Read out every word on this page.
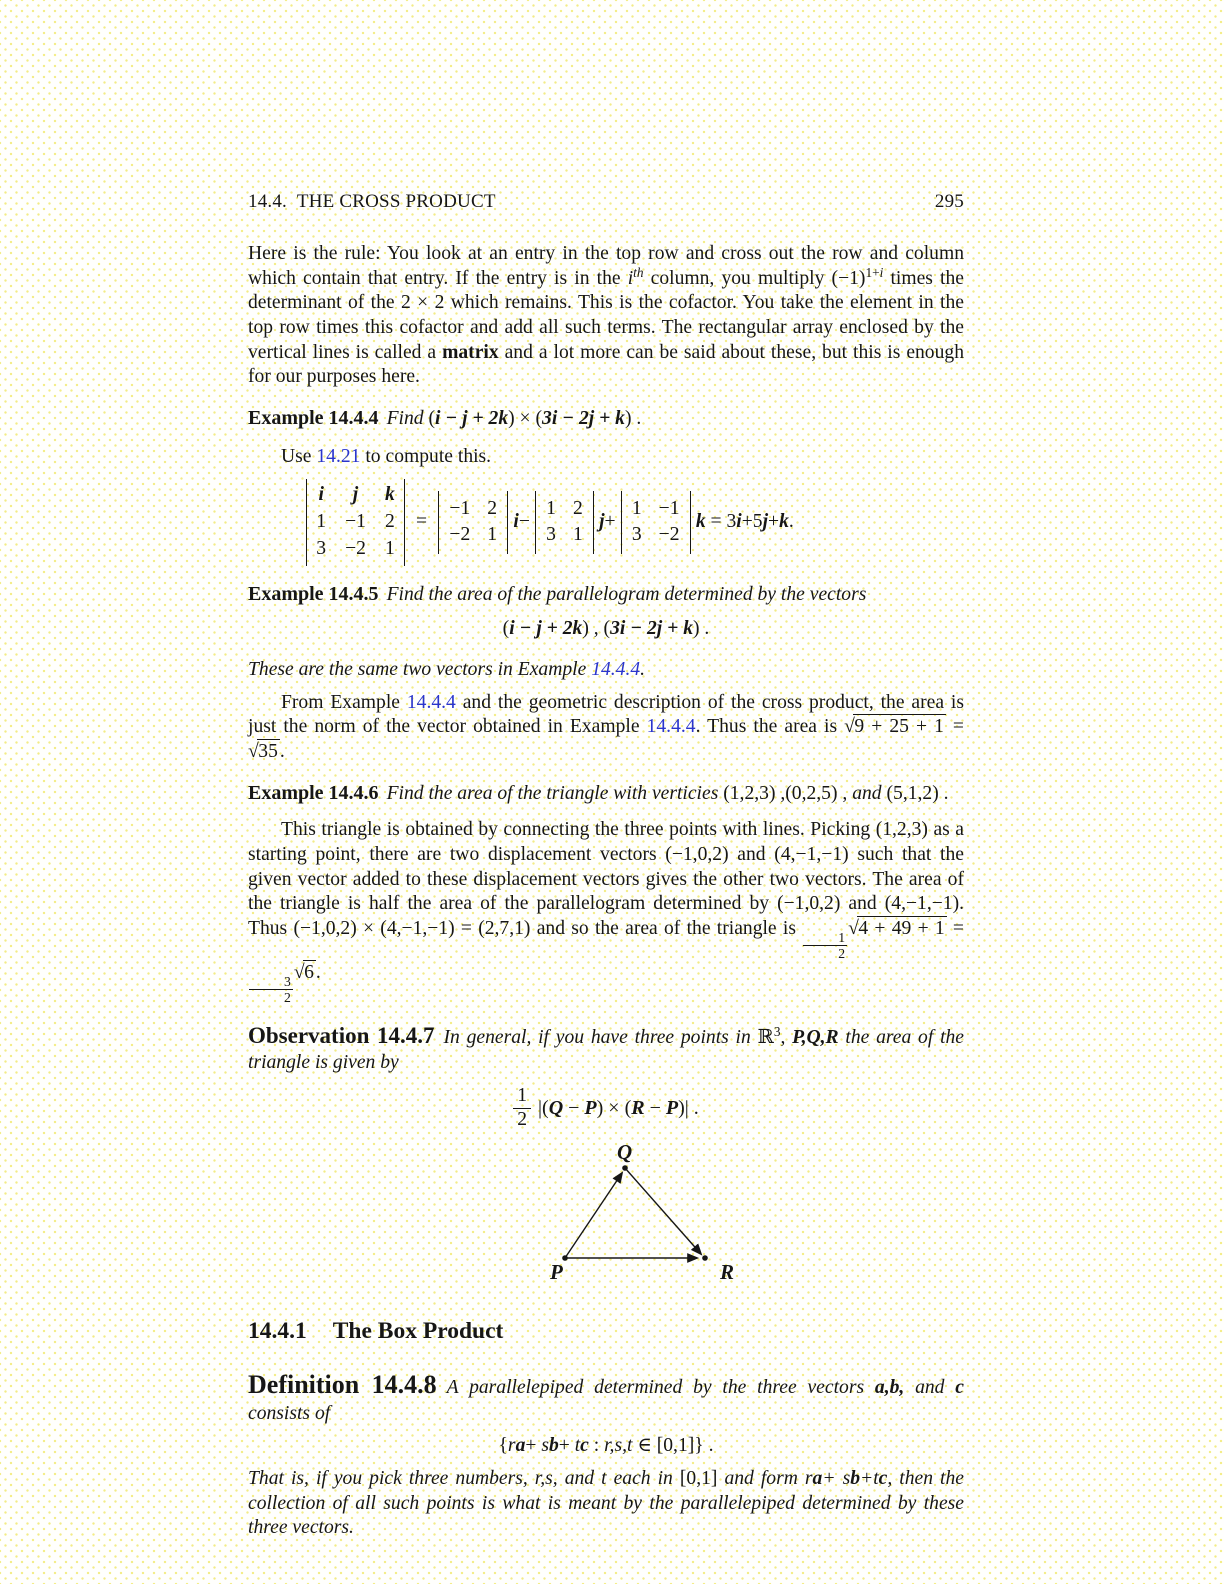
14.4. THE CROSS PRODUCT	295

Here is the rule: You look at an entry in the top row and cross out the row and column which contain that entry. If the entry is in the $i^{th}$ column, you multiply $(-1)^{1+i}$ times the determinant of the 2 × 2 which remains. This is the cofactor. You take the element in the top row times this cofactor and add all such terms. The rectangular array enclosed by the vertical lines is called a matrix and a lot more can be said about these, but this is enough for our purposes here.

Example 14.4.4 Find (i − j + 2k) × (3i − 2j + k) .

Use 14.21 to compute this.

i	j	k
1 −1 2
3 −2 1
=
−1 2
−2 1
i−
1 2
3 1
j+
1 −1
3 −2
k = 3i+5j+k.

Example 14.4.5 Find the area of the parallelogram determined by the vectors

(i − j + 2k) , (3i − 2j + k) .

These are the same two vectors in Example 14.4.4.

From Example 14.4.4 and the geometric description of the cross product, the area is just the norm of the vector obtained in Example 14.4.4. Thus the area is √9 + 25 + 1 = √35 .

Example 14.4.6 Find the area of the triangle with verticies (1,2,3) ,(0,2,5) , and (5,1,2) .

This triangle is obtained by connecting the three points with lines. Picking (1,2,3) as a starting point, there are two displacement vectors (−1,0,2) and (4,−1,−1) such that the given vector added to these displacement vectors gives the other two vectors. The area of the triangle is half the area of the parallelogram determined by (−1,0,2) and (4,−1,−1). Thus (−1,0,2) × (4,−1,−1) = (2,7,1) and so the area of the triangle is
$\frac{1}{2}$
√4 + 49 + 1 =
$\frac{3}{2}$
√6 .

Observation 14.4.7 In general, if you have three points in ℝ$^3$, P,Q,R the area of the triangle is given by

$\frac{1}{2} |(Q - P) \times (R - P)|$ .
Q
P	R

14.4.1 The Box Product

Definition 14.4.8 A parallelepiped determined by the three vectors a,b, and c consists of

{ra+ sb+ tc : r,s,t ∈ [0,1]} .

That is, if you pick three numbers, r,s, and t each in [0,1] and form ra+ sb+tc, then the collection of all such points is what is meant by the parallelepiped determined by these three vectors.
